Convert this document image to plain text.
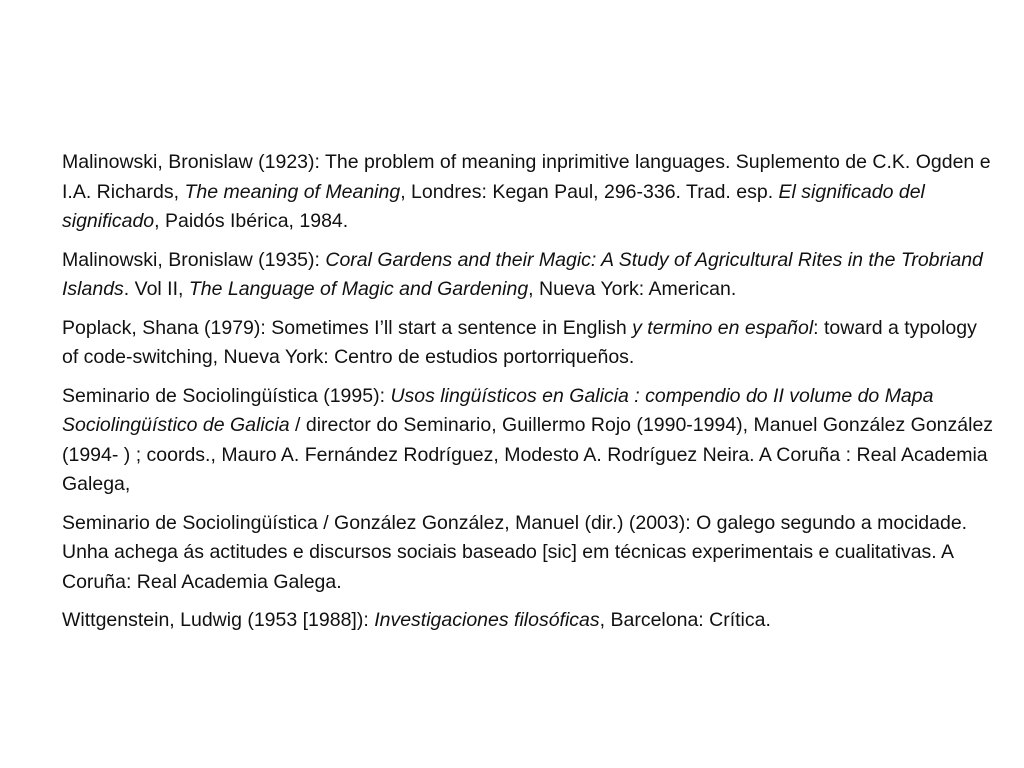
Malinowski, Bronislaw (1923): The problem of meaning inprimitive languages. Suplemento de C.K. Ogden e I.A. Richards, The meaning of Meaning, Londres: Kegan Paul, 296-336. Trad. esp. El significado del significado, Paidós Ibérica, 1984.

Malinowski, Bronislaw (1935): Coral Gardens and their Magic: A Study of Agricultural Rites in the Trobriand Islands. Vol II, The Language of Magic and Gardening, Nueva York: American.

Poplack, Shana (1979): Sometimes I’ll start a sentence in English y termino en español: toward a typology of code-switching, Nueva York: Centro de estudios portorriqueños.

Seminario de Sociolingüística (1995): Usos lingüísticos en Galicia : compendio do II volume do Mapa Sociolingüístico de Galicia / director do Seminario, Guillermo Rojo (1990-1994), Manuel González González (1994- ) ; coords., Mauro A. Fernández Rodríguez, Modesto A. Rodríguez Neira. A Coruña : Real Academia Galega,

Seminario de Sociolingüística / González González, Manuel (dir.) (2003): O galego segundo a mocidade. Unha achega ás actitudes e discursos sociais baseado [sic] em técnicas experimentais e cualitativas. A Coruña: Real Academia Galega.

Wittgenstein, Ludwig (1953 [1988]): Investigaciones filosóficas, Barcelona: Crítica.
